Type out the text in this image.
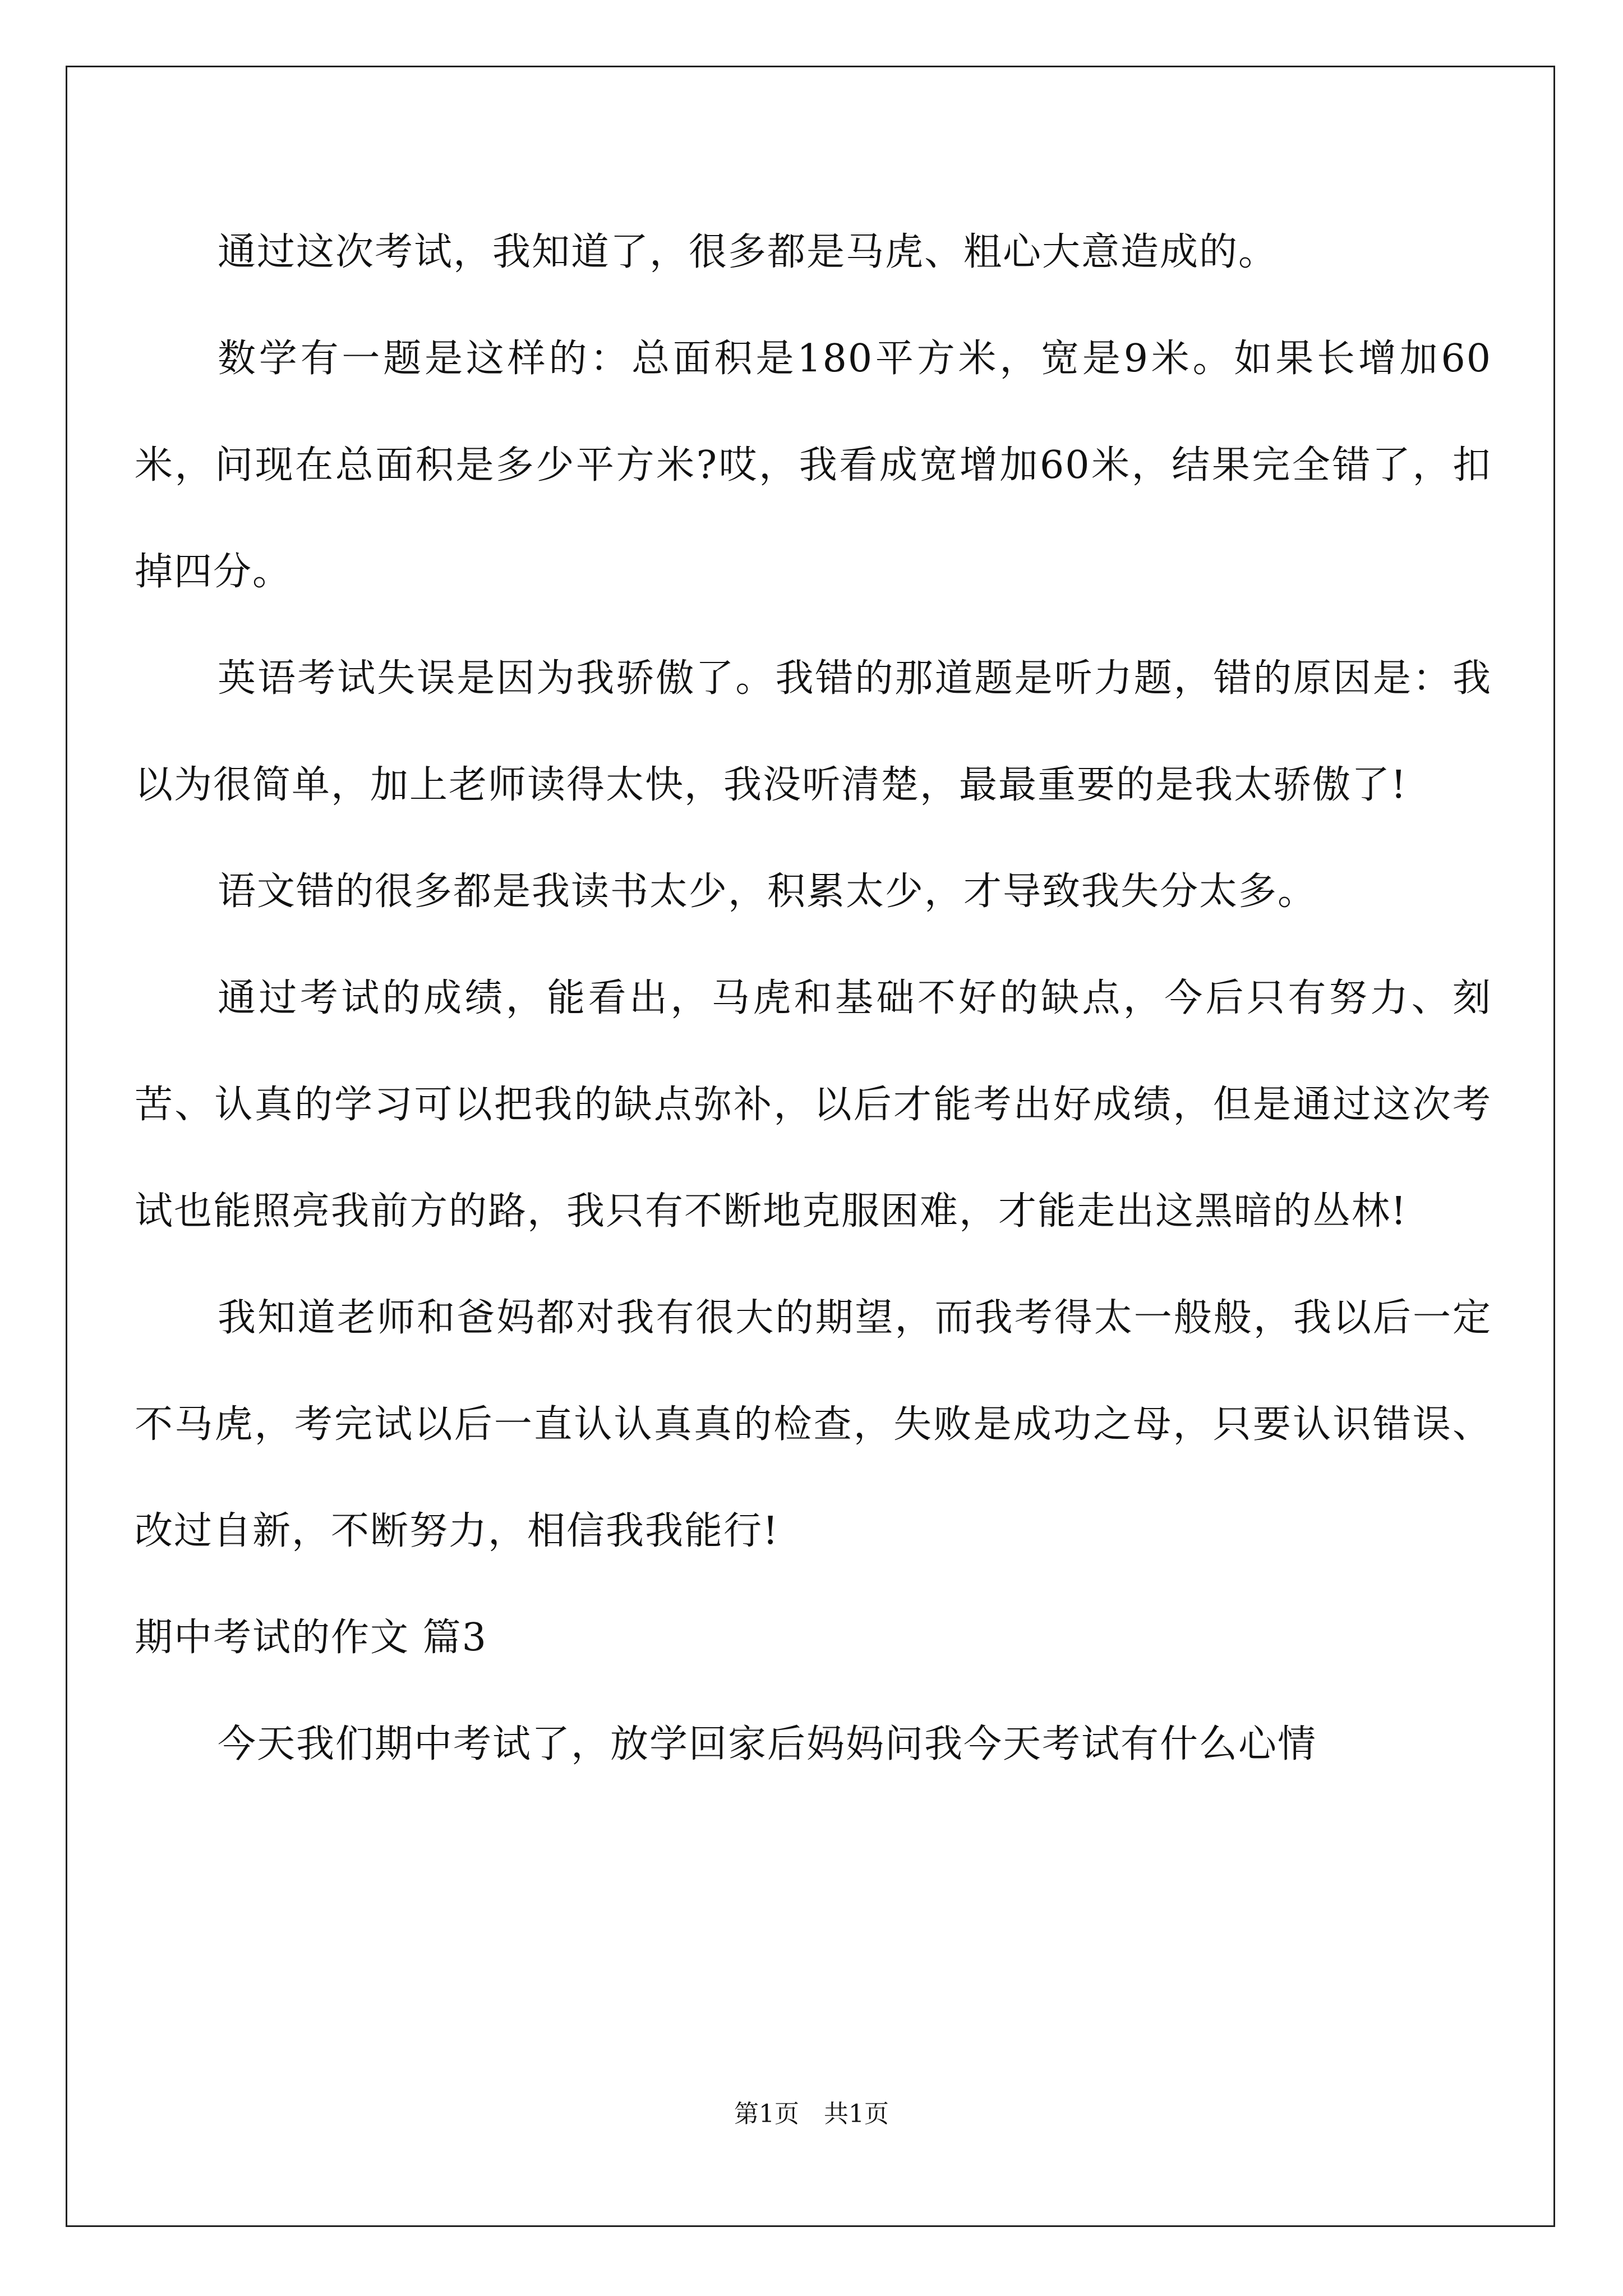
通过这次考试，我知道了，很多都是马虎、粗心大意造成的。

数学有一题是这样的：总面积是180平方米，宽是9米。如果长增加60米，问现在总面积是多少平方米?哎，我看成宽增加60米，结果完全错了，扣掉四分。

英语考试失误是因为我骄傲了。我错的那道题是听力题，错的原因是：我以为很简单，加上老师读得太快，我没听清楚，最最重要的是我太骄傲了!

语文错的很多都是我读书太少，积累太少，才导致我失分太多。

通过考试的成绩，能看出，马虎和基础不好的缺点，今后只有努力、刻苦、认真的学习可以把我的缺点弥补，以后才能考出好成绩，但是通过这次考试也能照亮我前方的路，我只有不断地克服困难，才能走出这黑暗的丛林!

我知道老师和爸妈都对我有很大的期望，而我考得太一般般，我以后一定不马虎，考完试以后一直认认真真的检查，失败是成功之母，只要认识错误、改过自新，不断努力，相信我我能行!

期中考试的作文 篇3

今天我们期中考试了，放学回家后妈妈问我今天考试有什么心情

第1页　共1页
